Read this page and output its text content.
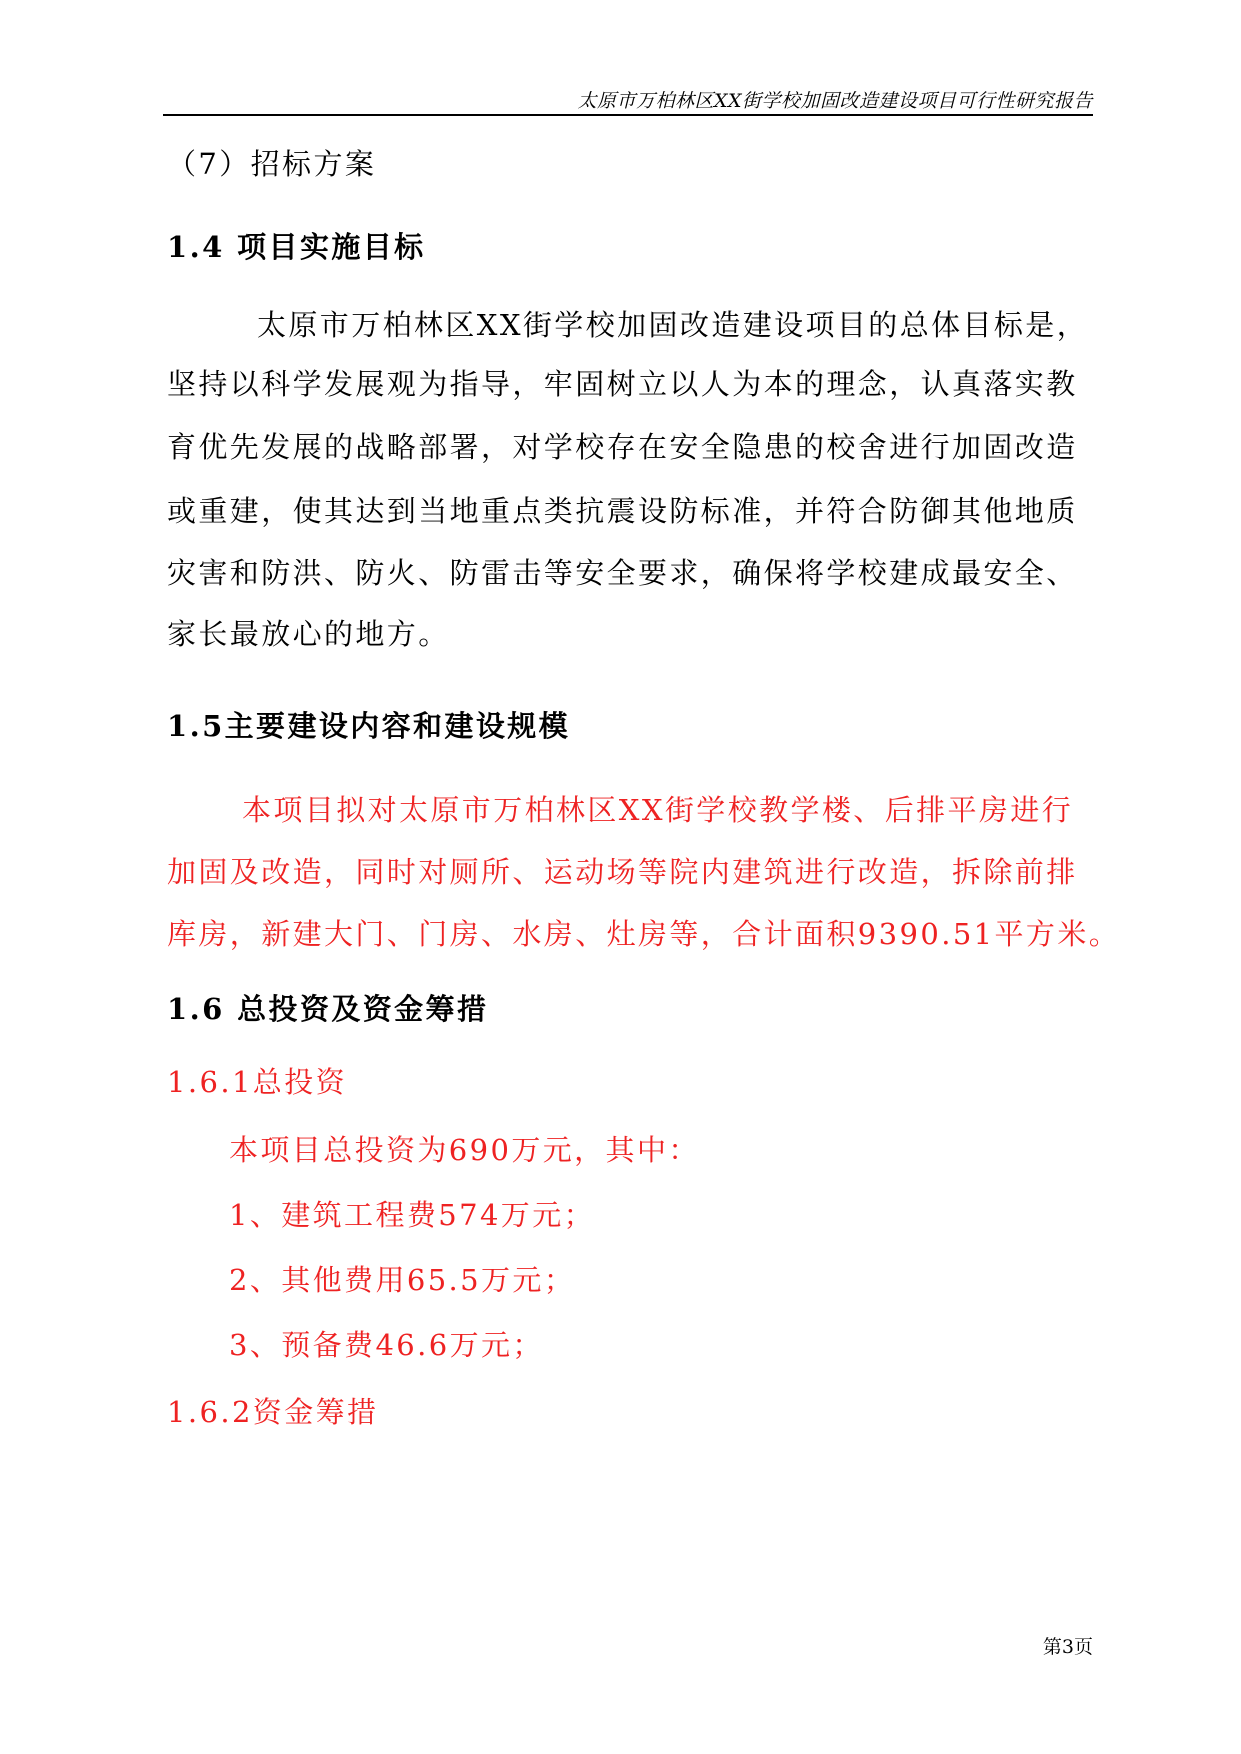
太原市万柏林区XX街学校加固改造建设项目可行性研究报告
（7）招标方案
1.4 项目实施目标
太原市万柏林区XX街学校加固改造建设项目的总体目标是，
坚持以科学发展观为指导，牢固树立以人为本的理念，认真落实教
育优先发展的战略部署，对学校存在安全隐患的校舍进行加固改造
或重建，使其达到当地重点类抗震设防标准，并符合防御其他地质
灾害和防洪、防火、防雷击等安全要求，确保将学校建成最安全、
家长最放心的地方。
1.5主要建设内容和建设规模
本项目拟对太原市万柏林区XX街学校教学楼、后排平房进行
加固及改造，同时对厕所、运动场等院内建筑进行改造，拆除前排
库房，新建大门、门房、水房、灶房等，合计面积9390.51平方米。
1.6 总投资及资金筹措
1.6.1总投资
本项目总投资为690万元，其中：
1、建筑工程费574万元；
2、其他费用65.5万元；
3、预备费46.6万元；
1.6.2资金筹措
第3页
